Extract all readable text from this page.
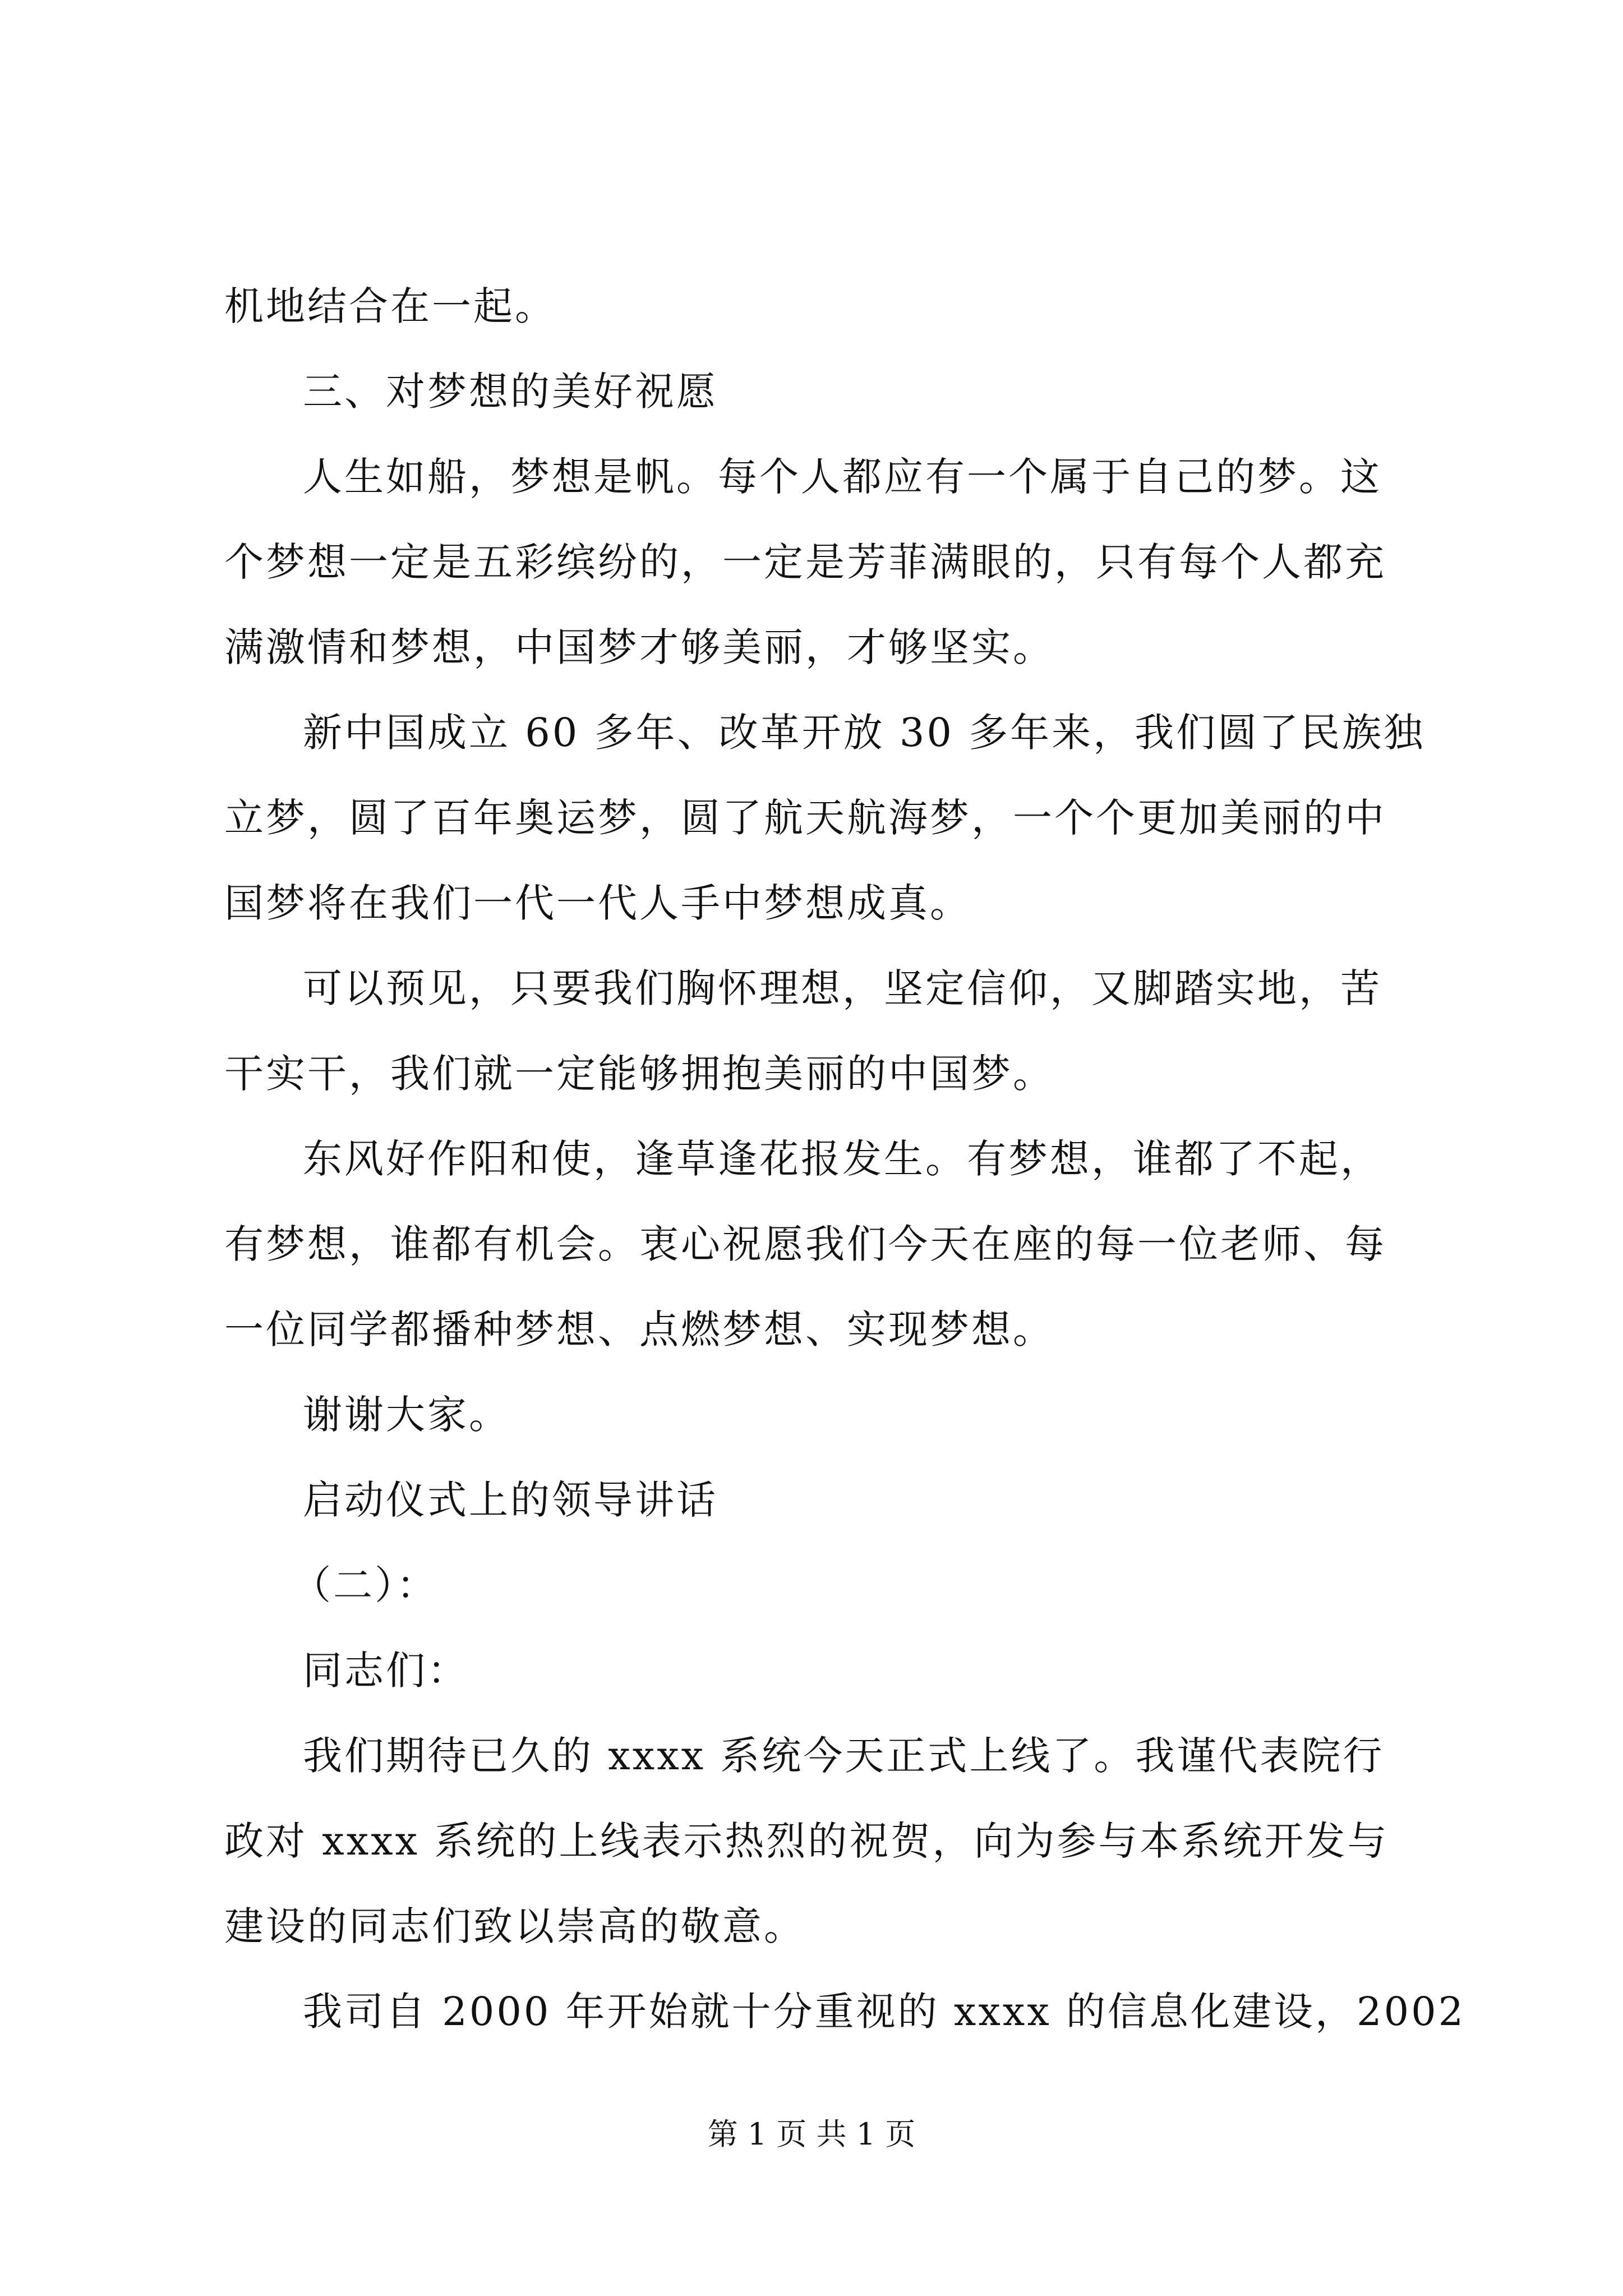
机地结合在一起。
三、对梦想的美好祝愿
人生如船，梦想是帆。每个人都应有一个属于自己的梦。这
个梦想一定是五彩缤纷的，一定是芳菲满眼的，只有每个人都充
满激情和梦想，中国梦才够美丽，才够坚实。
新中国成立 60 多年、改革开放 30 多年来，我们圆了民族独
立梦，圆了百年奥运梦，圆了航天航海梦，一个个更加美丽的中
国梦将在我们一代一代人手中梦想成真。
可以预见，只要我们胸怀理想，坚定信仰，又脚踏实地，苦
干实干，我们就一定能够拥抱美丽的中国梦。
东风好作阳和使，逢草逢花报发生。有梦想，谁都了不起，
有梦想，谁都有机会。衷心祝愿我们今天在座的每一位老师、每
一位同学都播种梦想、点燃梦想、实现梦想。
谢谢大家。
启动仪式上的领导讲话
（二）：
同志们：
我们期待已久的 xxxx 系统今天正式上线了。我谨代表院行
政对 xxxx 系统的上线表示热烈的祝贺，向为参与本系统开发与
建设的同志们致以崇高的敬意。
我司自 2000 年开始就十分重视的 xxxx 的信息化建设，2002
第 1 页 共 1 页
